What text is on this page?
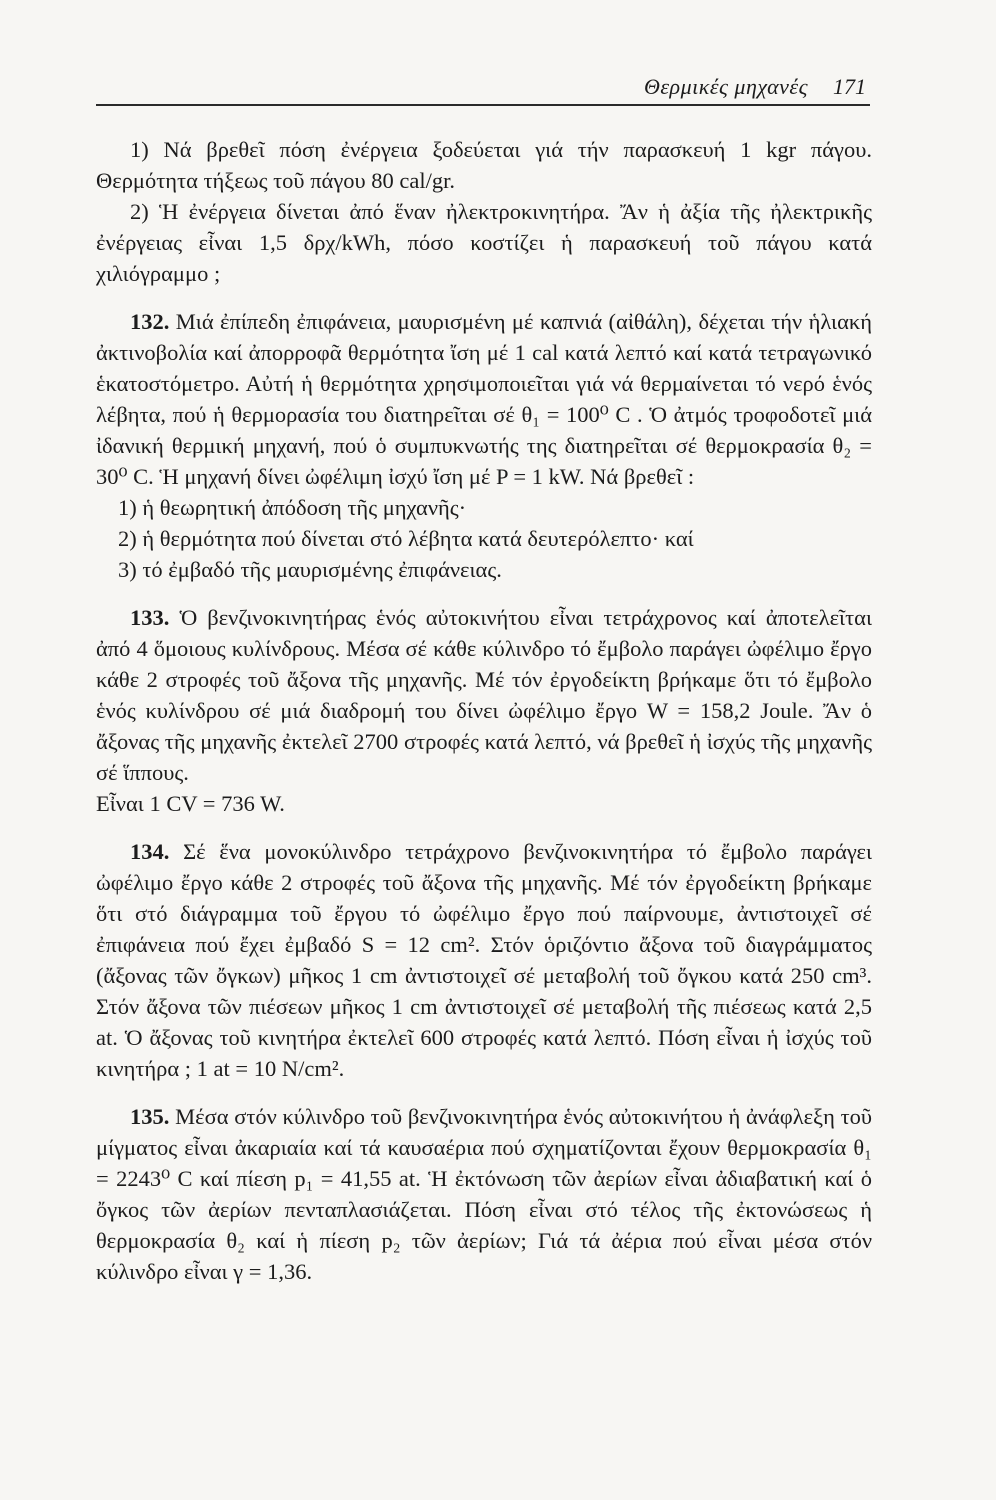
Θερμικές μηχανές 171

1) Νά βρεθεῖ πόση ἐνέργεια ξοδεύεται γιά τήν παρασκευή 1 kgr πάγου. Θερμότητα τήξεως τοῦ πάγου 80 cal/gr.

2) Ἡ ἐνέργεια δίνεται ἀπό ἕναν ἠλεκτροκινητήρα. Ἄν ἡ ἀξία τῆς ἠλεκτρικῆς ἐνέργειας εἶναι 1,5 δρχ/kWh, πόσο κοστίζει ἡ παρασκευή τοῦ πάγου κατά χιλιόγραμμο ;

132. Μιά ἐπίπεδη ἐπιφάνεια, μαυρισμένη μέ καπνιά (αἰθάλη), δέχεται τήν ἡλιακή ἀκτινοβολία καί ἀπορροφᾶ θερμότητα ἴση μέ 1 cal κατά λεπτό καί κατά τετραγωνικό ἑκατοστόμετρο. Αὐτή ἡ θερμότητα χρησιμοποιεῖται γιά νά θερμαίνεται τό νερό ἑνός λέβητα, πού ἡ θερμορασία του διατηρεῖται σέ θ₁ = 100⁰ C . Ὁ ἀτμός τροφοδοτεῖ μιά ἰδανική θερμική μηχανή, πού ὁ συμπυκνωτής της διατηρεῖται σέ θερμοκρασία θ₂ = 30⁰ C. Ἡ μηχανή δίνει ὠφέλιμη ἰσχύ ἴση μέ P = 1 kW. Νά βρεθεῖ :

1) ἡ θεωρητική ἀπόδοση τῆς μηχανῆς·
2) ἡ θερμότητα πού δίνεται στό λέβητα κατά δευτερόλεπτο· καί
3) τό ἐμβαδό τῆς μαυρισμένης ἐπιφάνειας.

133. Ὁ βενζινοκινητήρας ἑνός αὐτοκινήτου εἶναι τετράχρονος καί ἀποτελεῖται ἀπό 4 ὅμοιους κυλίνδρους. Μέσα σέ κάθε κύλινδρο τό ἔμβολο παράγει ὠφέλιμο ἔργο κάθε 2 στροφές τοῦ ἄξονα τῆς μηχανῆς. Μέ τόν ἐργοδείκτη βρήκαμε ὅτι τό ἔμβολο ἑνός κυλίνδρου σέ μιά διαδρομή του δίνει ὠφέλιμο ἔργο W = 158,2 Joule. Ἄν ὁ ἄξονας τῆς μηχανῆς ἐκτελεῖ 2700 στροφές κατά λεπτό, νά βρεθεῖ ἡ ἰσχύς τῆς μηχανῆς σέ ἵππους.

Εἶναι 1 CV = 736 W.

134. Σέ ἕνα μονοκύλινδρο τετράχρονο βενζινοκινητήρα τό ἔμβολο παράγει ὠφέλιμο ἔργο κάθε 2 στροφές τοῦ ἄξονα τῆς μηχανῆς. Μέ τόν ἐργοδείκτη βρήκαμε ὅτι στό διάγραμμα τοῦ ἔργου τό ὠφέλιμο ἔργο πού παίρνουμε, ἀντιστοιχεῖ σέ ἐπιφάνεια πού ἔχει ἐμβαδό S = 12 cm². Στόν ὁριζόντιο ἄξονα τοῦ διαγράμματος (ἄξονας τῶν ὄγκων) μῆκος 1 cm ἀντιστοιχεῖ σέ μεταβολή τοῦ ὄγκου κατά 250 cm³. Στόν ἄξονα τῶν πιέσεων μῆκος 1 cm ἀντιστοιχεῖ σέ μεταβολή τῆς πιέσεως κατά 2,5 at. Ὁ ἄξονας τοῦ κινητήρα ἐκτελεῖ 600 στροφές κατά λεπτό. Πόση εἶναι ἡ ἰσχύς τοῦ κινητήρα ; 1 at = 10 N/cm².

135. Μέσα στόν κύλινδρο τοῦ βενζινοκινητήρα ἑνός αὐτοκινήτου ἡ ἀνάφλεξη τοῦ μίγματος εἶναι ἀκαριαία καί τά καυσαέρια πού σχηματίζονται ἔχουν θερμοκρασία θ₁ = 2243⁰ C καί πίεση p₁ = 41,55 at. Ἡ ἐκτόνωση τῶν ἀερίων εἶναι ἀδιαβατική καί ὁ ὄγκος τῶν ἀερίων πενταπλασιάζεται. Πόση εἶναι στό τέλος τῆς ἐκτονώσεως ἡ θερμοκρασία θ₂ καί ἡ πίεση p₂ τῶν ἀερίων; Γιά τά ἀέρια πού εἶναι μέσα στόν κύλινδρο εἶναι γ = 1,36.
